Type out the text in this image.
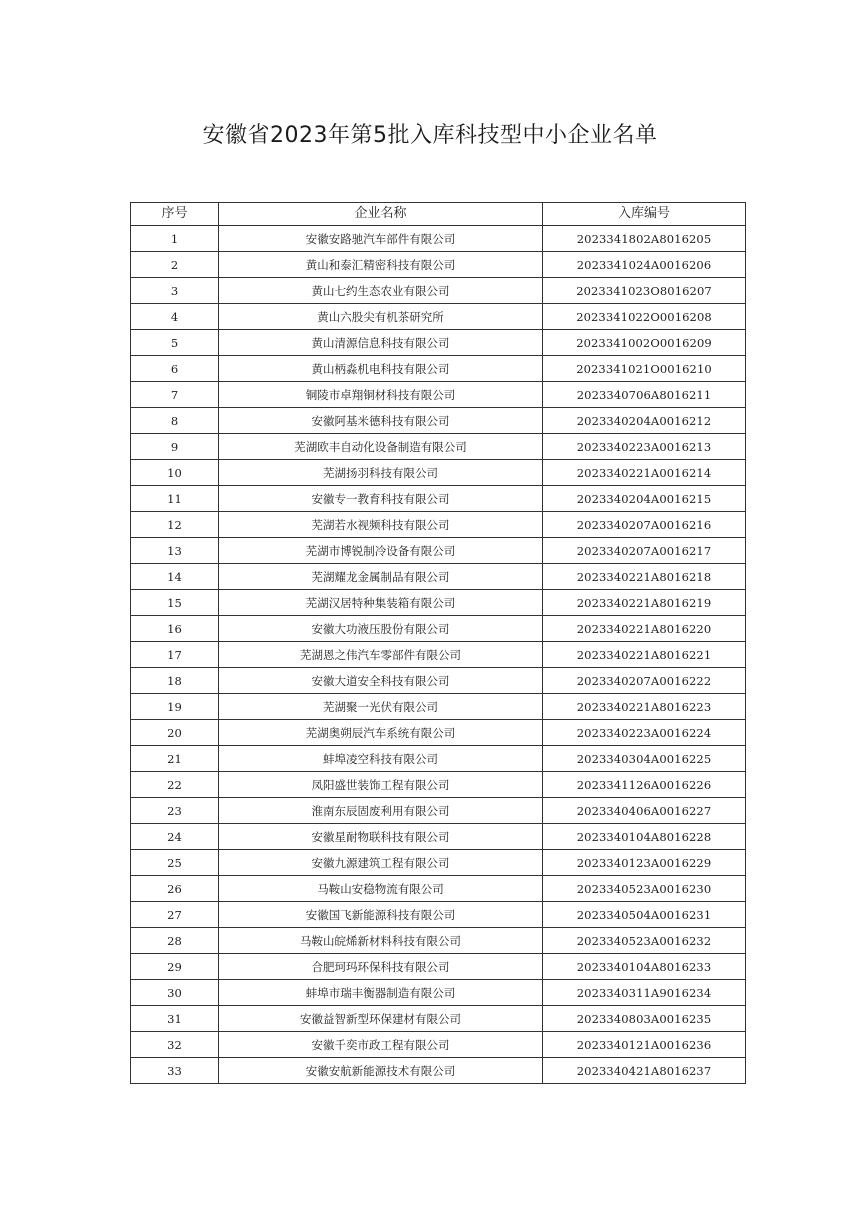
安徽省2023年第5批入库科技型中小企业名单
序号	企业名称	入库编号
1	安徽安路驰汽车部件有限公司	2023341802A8016205
2	黄山和泰汇精密科技有限公司	2023341024A0016206
3	黄山七约生态农业有限公司	2023341023O8016207
4	黄山六股尖有机茶研究所	2023341022O0016208
5	黄山清源信息科技有限公司	2023341002O0016209
6	黄山柄淼机电科技有限公司	2023341021O0016210
7	铜陵市卓翔铜材科技有限公司	2023340706A8016211
8	安徽阿基米德科技有限公司	2023340204A0016212
9	芜湖欧丰自动化设备制造有限公司	2023340223A0016213
10	芜湖扬羽科技有限公司	2023340221A0016214
11	安徽专一教育科技有限公司	2023340204A0016215
12	芜湖若水视频科技有限公司	2023340207A0016216
13	芜湖市博锐制冷设备有限公司	2023340207A0016217
14	芜湖耀龙金属制品有限公司	2023340221A8016218
15	芜湖汉居特种集装箱有限公司	2023340221A8016219
16	安徽大功液压股份有限公司	2023340221A8016220
17	芜湖恩之伟汽车零部件有限公司	2023340221A8016221
18	安徽大道安全科技有限公司	2023340207A0016222
19	芜湖聚一光伏有限公司	2023340221A8016223
20	芜湖奥朔辰汽车系统有限公司	2023340223A0016224
21	蚌埠凌空科技有限公司	2023340304A0016225
22	凤阳盛世装饰工程有限公司	2023341126A0016226
23	淮南东辰固废利用有限公司	2023340406A0016227
24	安徽星耐物联科技有限公司	2023340104A8016228
25	安徽九源建筑工程有限公司	2023340123A0016229
26	马鞍山安稳物流有限公司	2023340523A0016230
27	安徽国飞新能源科技有限公司	2023340504A0016231
28	马鞍山皖烯新材料科技有限公司	2023340523A0016232
29	合肥珂玛环保科技有限公司	2023340104A8016233
30	蚌埠市瑞丰衡器制造有限公司	2023340311A9016234
31	安徽益智新型环保建材有限公司	2023340803A0016235
32	安徽千奕市政工程有限公司	2023340121A0016236
33	安徽安航新能源技术有限公司	2023340421A8016237
